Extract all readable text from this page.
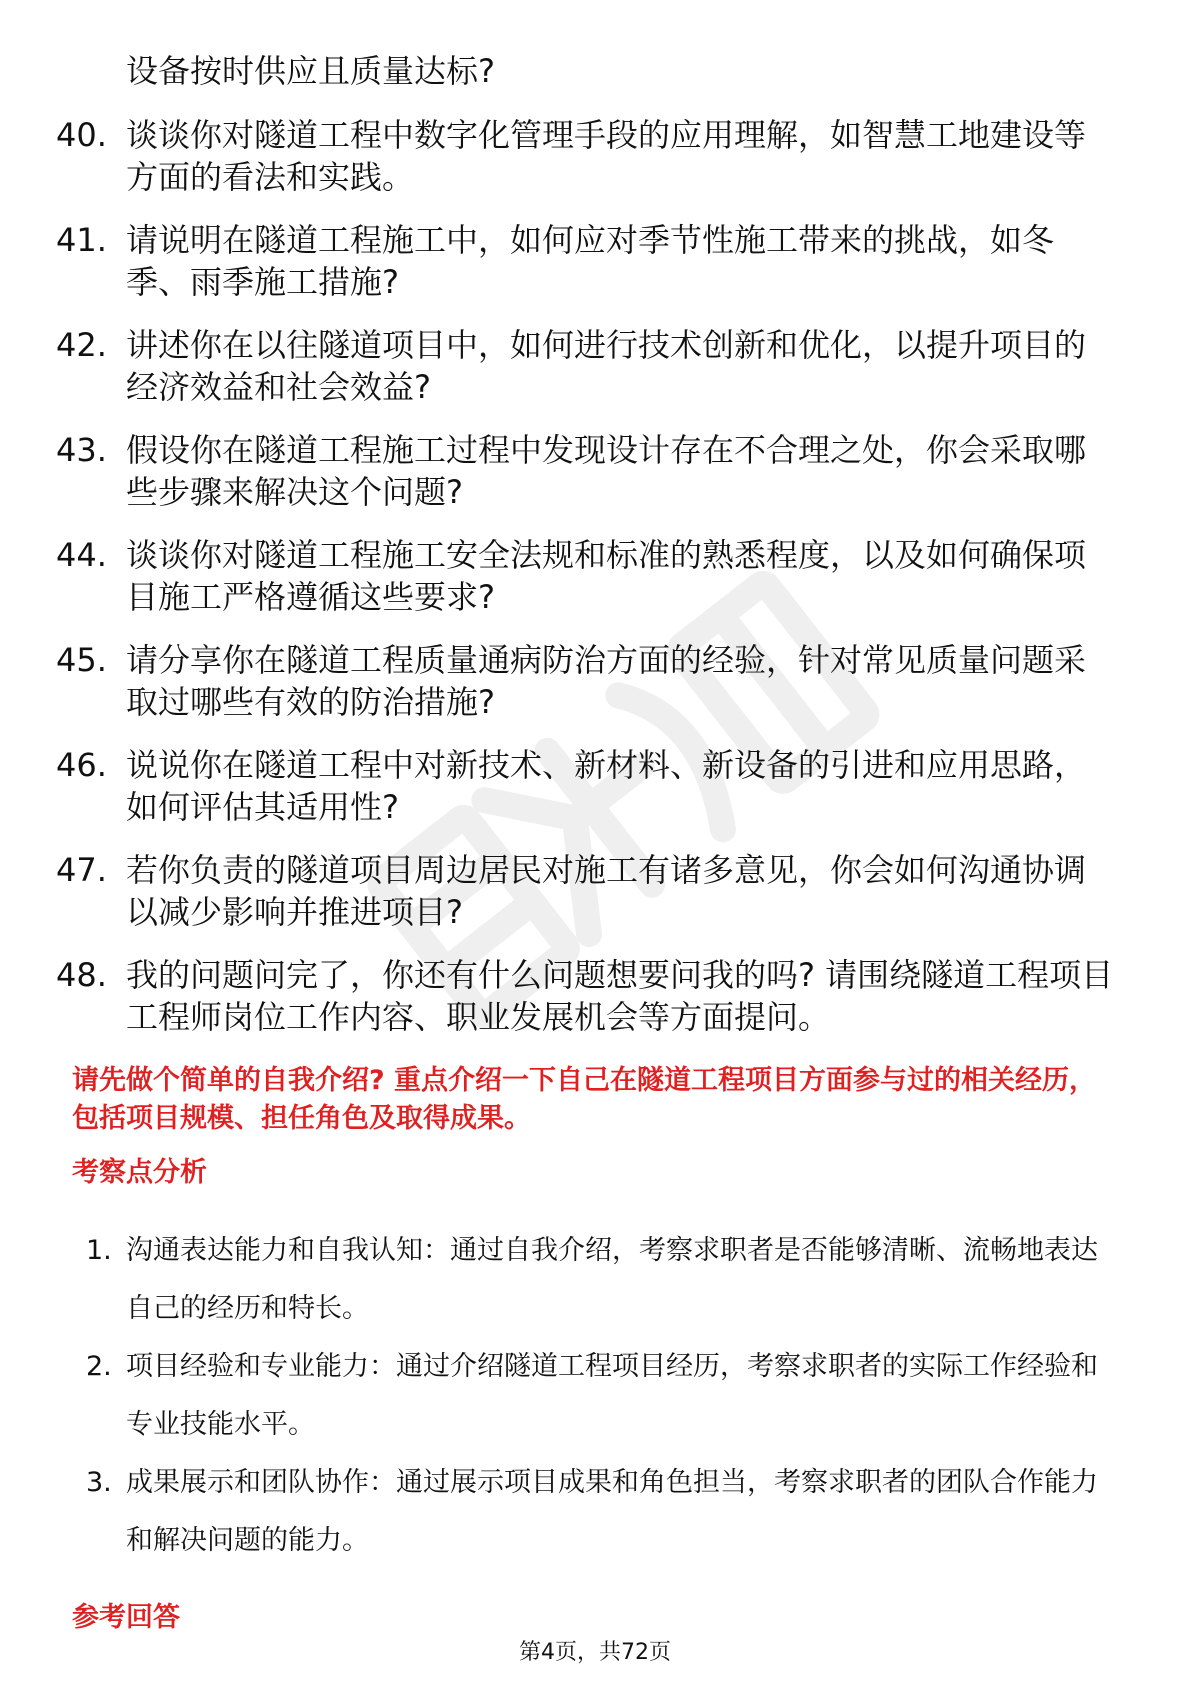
设备按时供应且质量达标?
40. 谈谈你对隧道工程中数字化管理手段的应用理解，如智慧工地建设等方面的看法和实践。
41. 请说明在隧道工程施工中，如何应对季节性施工带来的挑战，如冬季、雨季施工措施?
42. 讲述你在以往隧道项目中，如何进行技术创新和优化，以提升项目的经济效益和社会效益?
43. 假设你在隧道工程施工过程中发现设计存在不合理之处，你会采取哪些步骤来解决这个问题?
44. 谈谈你对隧道工程施工安全法规和标准的熟悉程度，以及如何确保项目施工严格遵循这些要求?
45. 请分享你在隧道工程质量通病防治方面的经验，针对常见质量问题采取过哪些有效的防治措施?
46. 说说你在隧道工程中对新技术、新材料、新设备的引进和应用思路，如何评估其适用性?
47. 若你负责的隧道项目周边居民对施工有诸多意见，你会如何沟通协调以减少影响并推进项目?
48. 我的问题问完了，你还有什么问题想要问我的吗? 请围绕隧道工程项目工程师岗位工作内容、职业发展机会等方面提问。
请先做个简单的自我介绍? 重点介绍一下自己在隧道工程项目方面参与过的相关经历，包括项目规模、担任角色及取得成果。
考察点分析
1. 沟通表达能力和自我认知：通过自我介绍，考察求职者是否能够清晰、流畅地表达自己的经历和特长。
2. 项目经验和专业能力：通过介绍隧道工程项目经历，考察求职者的实际工作经验和专业技能水平。
3. 成果展示和团队协作：通过展示项目成果和角色担当，考察求职者的团队合作能力和解决问题的能力。
参考回答
第4页，共72页
